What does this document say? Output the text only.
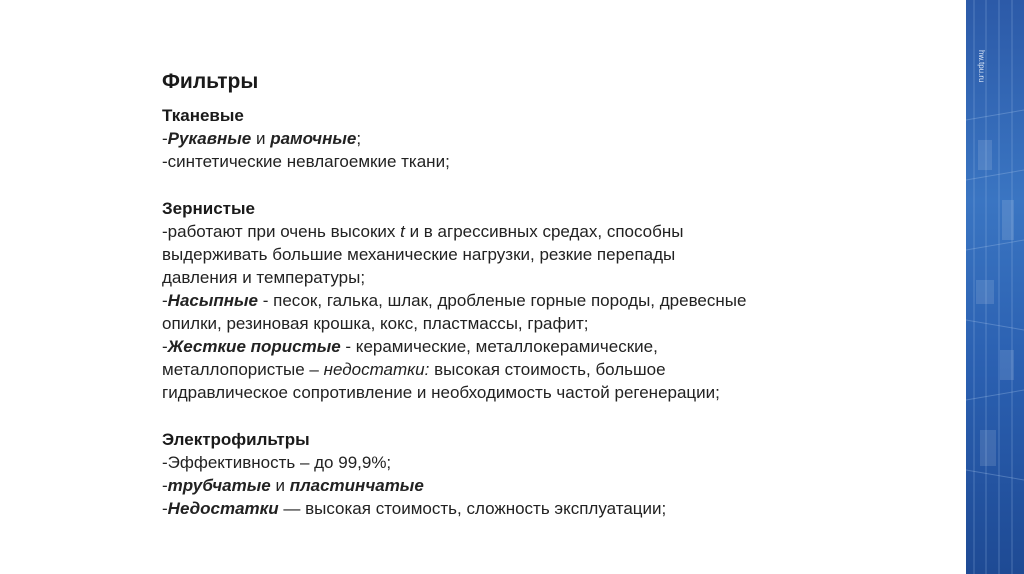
Фильтры
Тканевые
-Рукавные и рамочные;
-синтетические невлагоемкие ткани;
Зернистые
-работают при очень высоких t и в агрессивных средах, способны
выдерживать большие механические нагрузки, резкие перепады
давления и температуры;
-Насыпные - песок, галька, шлак, дробленые горные породы, древесные
опилки, резиновая крошка, кокс, пластмассы, графит;
-Жесткие пористые - керамические, металлокерамические,
металлопористые – недостатки: высокая стоимость, большое
гидравлическое сопротивление и необходимость частой регенерации;
Электрофильтры
-Эффективность – до 99,9%;
-трубчатые и пластинчатые
-Недостатки — высокая стоимость, сложность эксплуатации;
hw.tpu.ru
